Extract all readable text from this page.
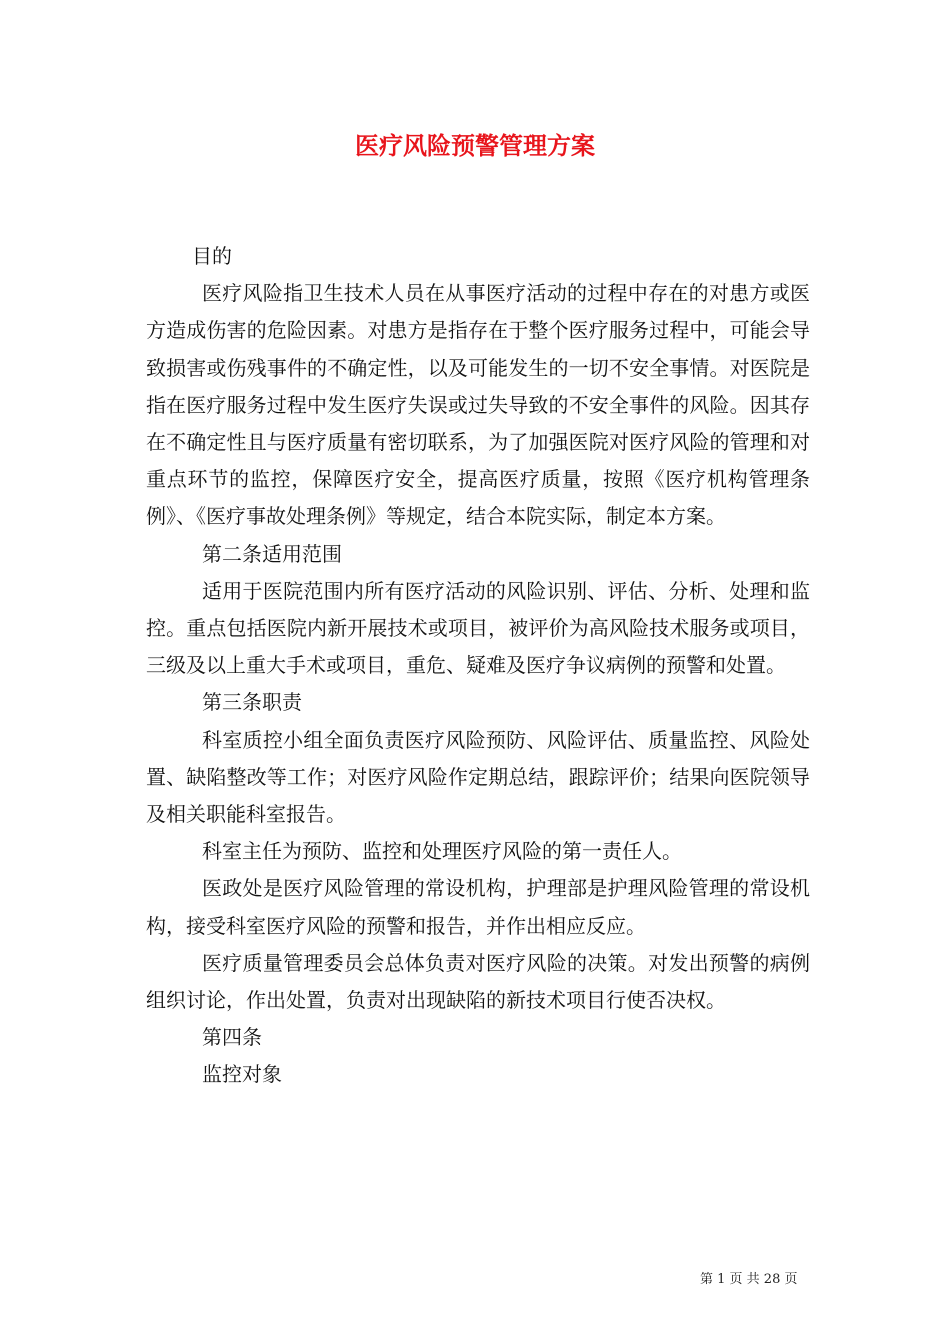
医疗风险预警管理方案

目的

医疗风险指卫生技术人员在从事医疗活动的过程中存在的对患方或医方造成伤害的危险因素。对患方是指存在于整个医疗服务过程中，可能会导致损害或伤残事件的不确定性，以及可能发生的一切不安全事情。对医院是指在医疗服务过程中发生医疗失误或过失导致的不安全事件的风险。因其存在不确定性且与医疗质量有密切联系，为了加强医院对医疗风险的管理和对重点环节的监控，保障医疗安全，提高医疗质量，按照《医疗机构管理条例》、《医疗事故处理条例》等规定，结合本院实际，制定本方案。

第二条适用范围

适用于医院范围内所有医疗活动的风险识别、评估、分析、处理和监控。重点包括医院内新开展技术或项目，被评价为高风险技术服务或项目，三级及以上重大手术或项目，重危、疑难及医疗争议病例的预警和处置。

第三条职责

科室质控小组全面负责医疗风险预防、风险评估、质量监控、风险处置、缺陷整改等工作；对医疗风险作定期总结，跟踪评价；结果向医院领导及相关职能科室报告。

科室主任为预防、监控和处理医疗风险的第一责任人。

医政处是医疗风险管理的常设机构，护理部是护理风险管理的常设机构，接受科室医疗风险的预警和报告，并作出相应反应。

医疗质量管理委员会总体负责对医疗风险的决策。对发出预警的病例组织讨论，作出处置，负责对出现缺陷的新技术项目行使否决权。

第四条

监控对象

第 1 页 共 28 页
